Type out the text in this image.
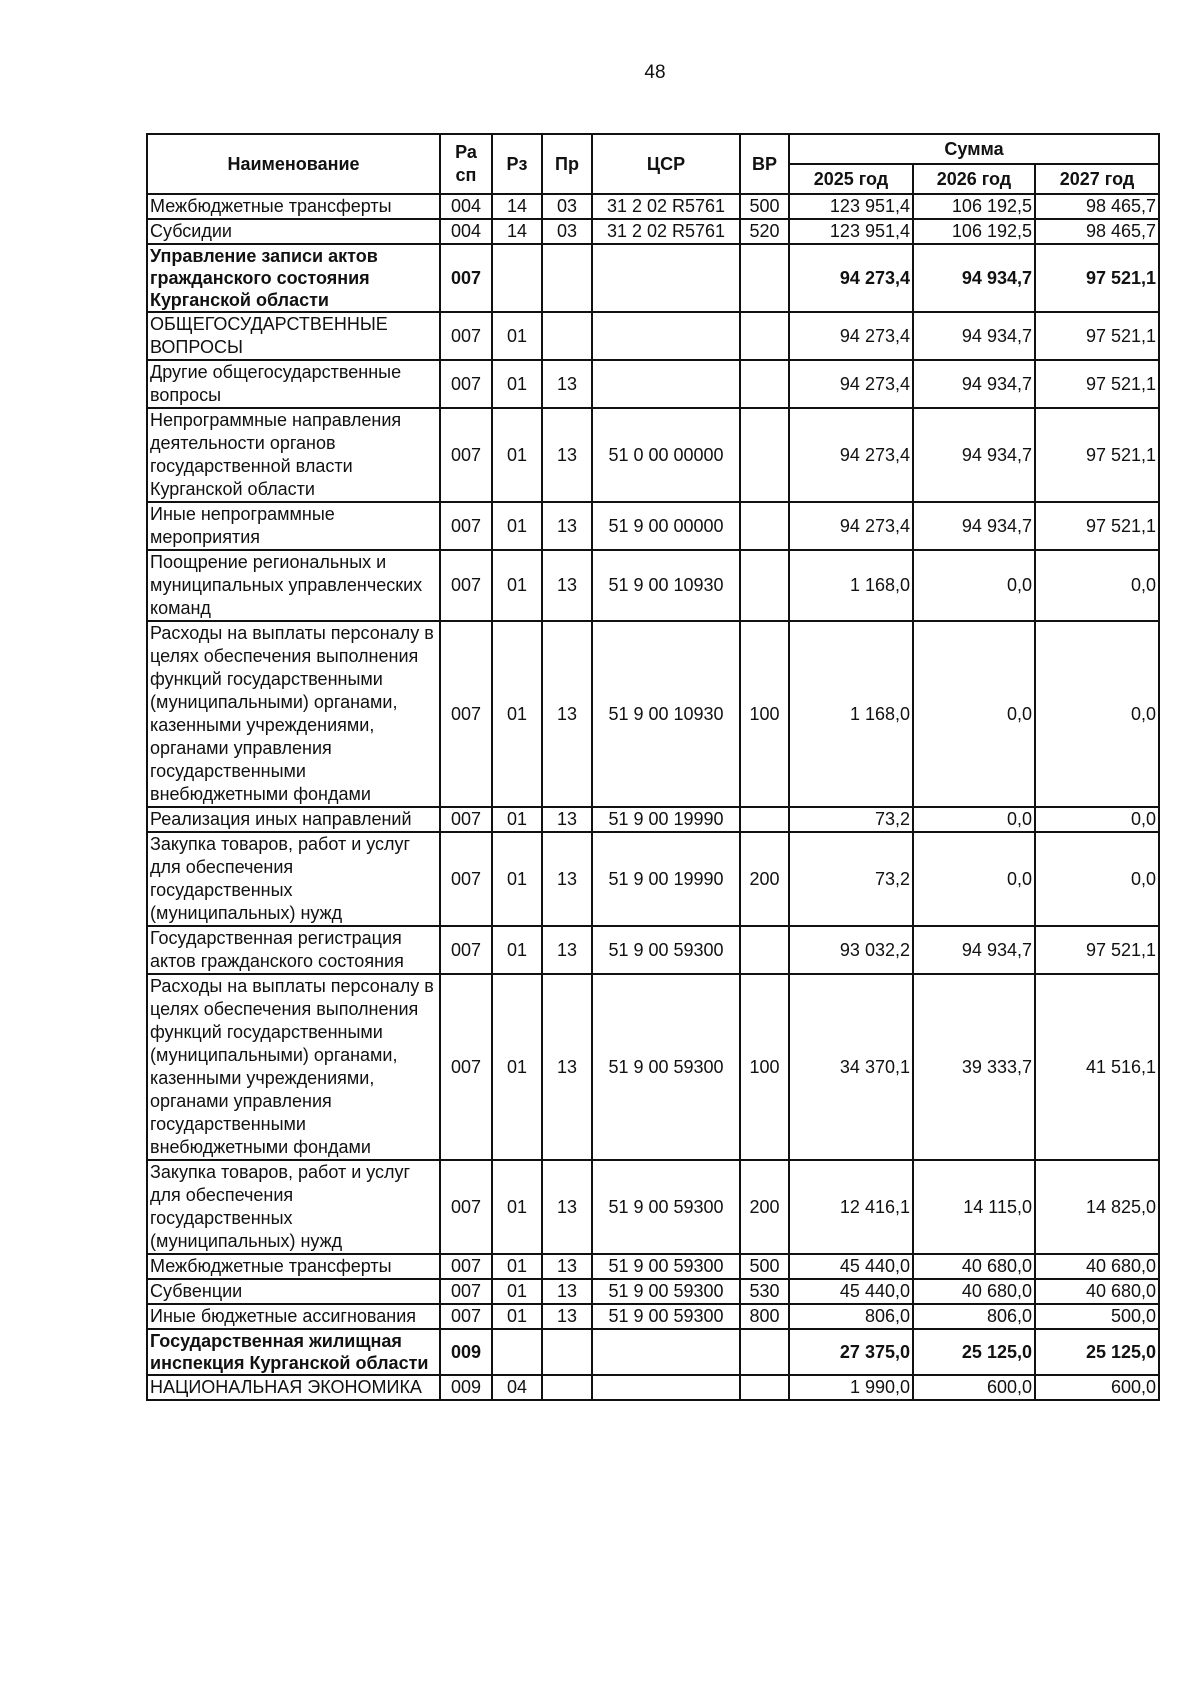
48
Наименование	Ра сп	Рз	Пр	ЦСР	ВР	Сумма		
						2025 год	2026 год	2027 год
Межбюджетные трансферты	004	14	03	31 2 02 R5761	500	123 951,4	106 192,5	98 465,7
Субсидии	004	14	03	31 2 02 R5761	520	123 951,4	106 192,5	98 465,7
Управление записи актов гражданского состояния Курганской области	007					94 273,4	94 934,7	97 521,1
ОБЩЕГОСУДАРСТВЕННЫЕ ВОПРОСЫ	007	01				94 273,4	94 934,7	97 521,1
Другие общегосударственные вопросы	007	01	13			94 273,4	94 934,7	97 521,1
Непрограммные направления деятельности органов государственной власти Курганской области	007	01	13	51 0 00 00000		94 273,4	94 934,7	97 521,1
Иные непрограммные мероприятия	007	01	13	51 9 00 00000		94 273,4	94 934,7	97 521,1
Поощрение региональных и муниципальных управленческих команд	007	01	13	51 9 00 10930		1 168,0	0,0	0,0
Расходы на выплаты персоналу в целях обеспечения выполнения функций государственными (муниципальными) органами, казенными учреждениями, органами управления государственными внебюджетными фондами	007	01	13	51 9 00 10930	100	1 168,0	0,0	0,0
Реализация иных направлений	007	01	13	51 9 00 19990		73,2	0,0	0,0
Закупка товаров, работ и услуг для обеспечения государственных (муниципальных) нужд	007	01	13	51 9 00 19990	200	73,2	0,0	0,0
Государственная регистрация актов гражданского состояния	007	01	13	51 9 00 59300		93 032,2	94 934,7	97 521,1
Расходы на выплаты персоналу в целях обеспечения выполнения функций государственными (муниципальными) органами, казенными учреждениями, органами управления государственными внебюджетными фондами	007	01	13	51 9 00 59300	100	34 370,1	39 333,7	41 516,1
Закупка товаров, работ и услуг для обеспечения государственных (муниципальных) нужд	007	01	13	51 9 00 59300	200	12 416,1	14 115,0	14 825,0
Межбюджетные трансферты	007	01	13	51 9 00 59300	500	45 440,0	40 680,0	40 680,0
Субвенции	007	01	13	51 9 00 59300	530	45 440,0	40 680,0	40 680,0
Иные бюджетные ассигнования	007	01	13	51 9 00 59300	800	806,0	806,0	500,0
Государственная жилищная инспекция Курганской области	009					27 375,0	25 125,0	25 125,0
НАЦИОНАЛЬНАЯ ЭКОНОМИКА	009	04				1 990,0	600,0	600,0
